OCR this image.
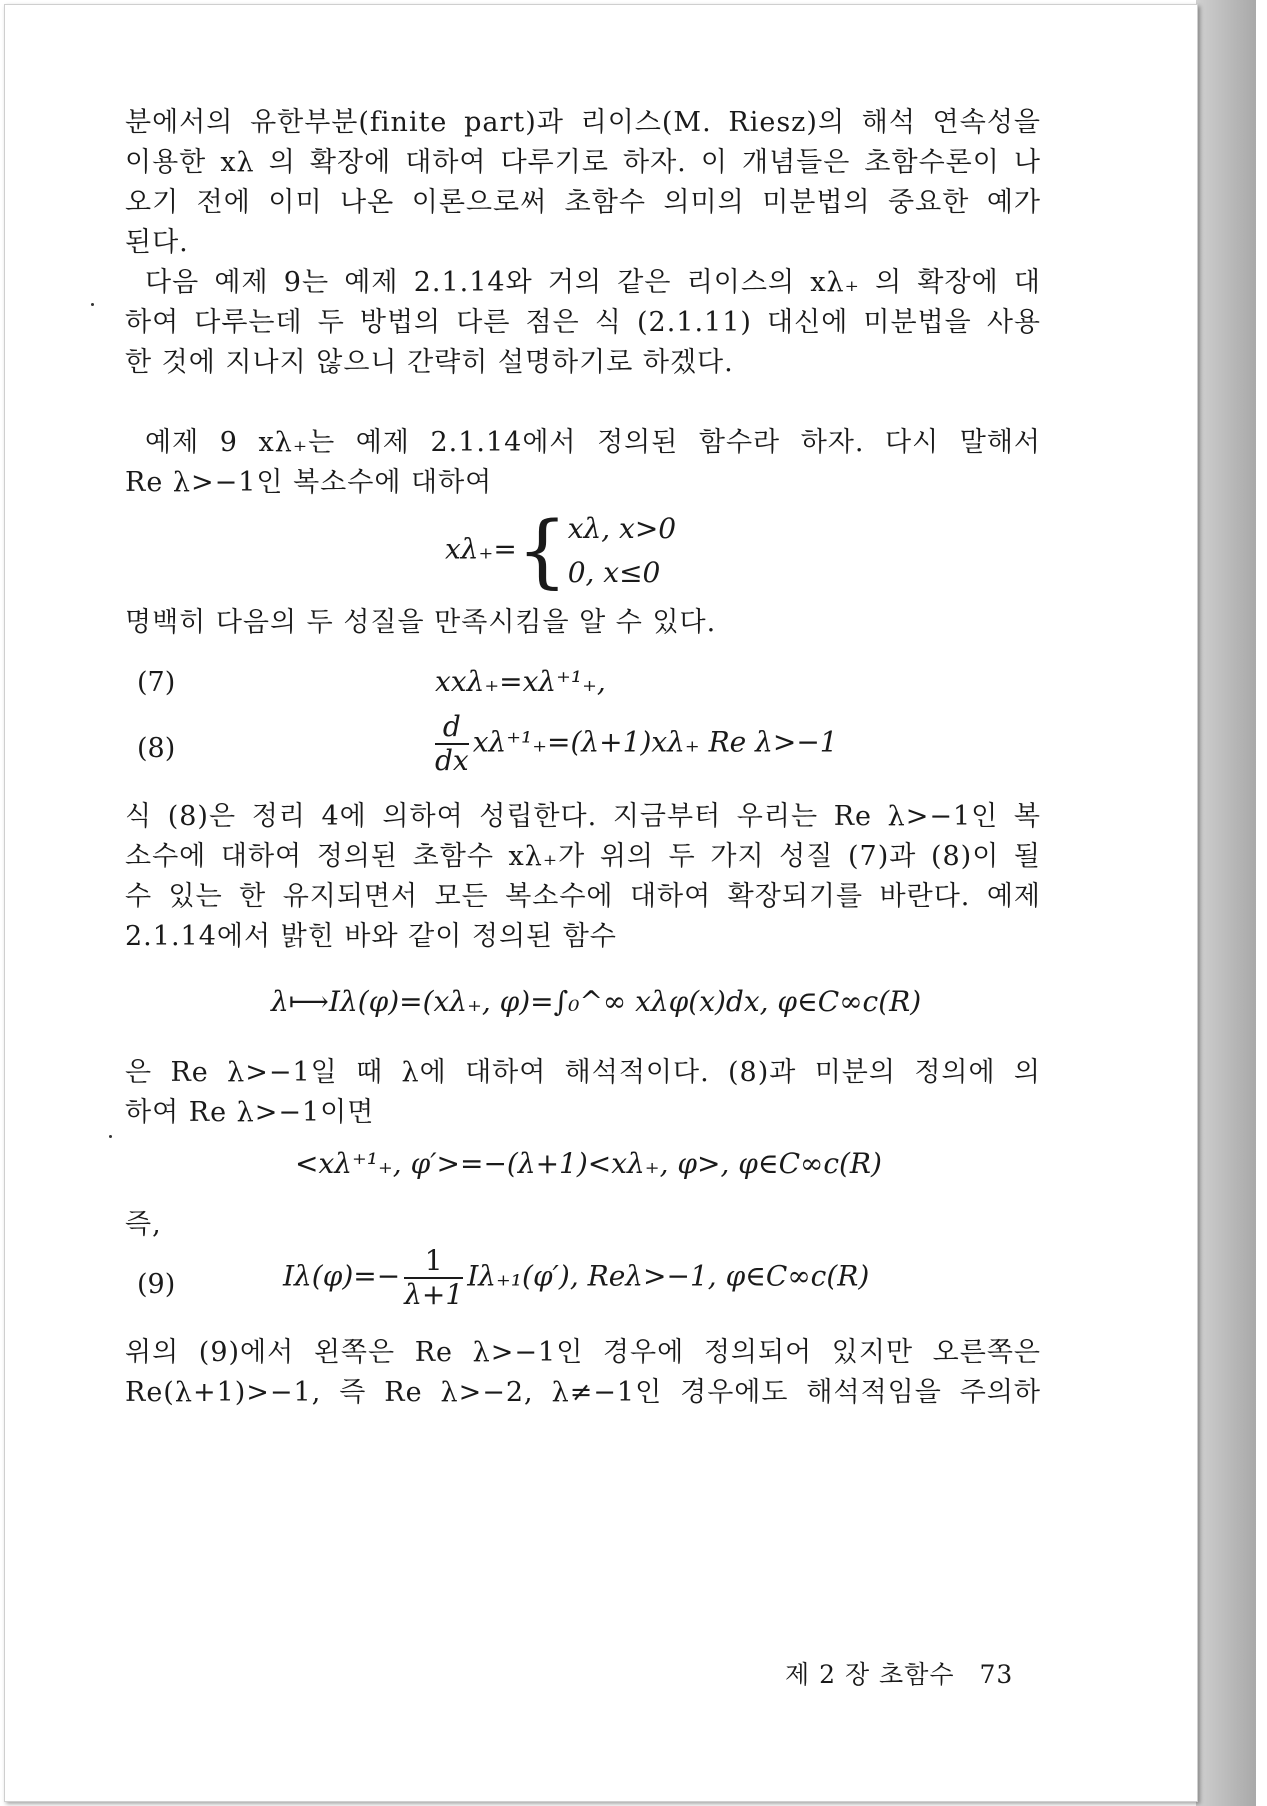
분에서의 유한부분(finite part)과 리이스(M. Riesz)의 해석 연속성을
이용한 xλ 의 확장에 대하여 다루기로 하자. 이 개념들은 초함수론이 나
오기 전에 이미 나온 이론으로써 초함수 의미의 미분법의 중요한 예가
된다.
다음 예제 9는 예제 2.1.14와 거의 같은 리이스의 xλ₊ 의 확장에 대
하여 다루는데 두 방법의 다른 점은 식 (2.1.11) 대신에 미분법을 사용
한 것에 지나지 않으니 간략히 설명하기로 하겠다.
예제 9 xλ₊는 예제 2.1.14에서 정의된 함수라 하자. 다시 말해서
Re λ>−1인 복소수에 대하여
xλ₊={ xλ, x>0
0, x≤0
명백히 다음의 두 성질을 만족시킴을 알 수 있다.
(7)	xxλ₊=xλ⁺¹₊,
(8)	$\frac{d}{dx} x\lambda^{+1}_+=(\lambda+1)x\lambda_+$ Re λ>−1
식 (8)은 정리 4에 의하여 성립한다. 지금부터 우리는 Re λ>−1인 복
소수에 대하여 정의된 초함수 xλ₊가 위의 두 가지 성질 (7)과 (8)이 될
수 있는 한 유지되면서 모든 복소수에 대하여 확장되기를 바란다. 예제
2.1.14에서 밝힌 바와 같이 정의된 함수
λ⟼Iλ(φ)=(xλ₊, φ)=∫₀^∞ xλφ(x)dx, φ∈C∞c(R)
은 Re λ>−1일 때 λ에 대하여 해석적이다. (8)과 미분의 정의에 의
하여 Re λ>−1이면
<xλ⁺¹₊, φ′>=−(λ+1)<xλ₊, φ>, φ∈C∞c(R)
즉,
(9)	$I\lambda(\varphi)=- \frac{1}{\lambda+1} I\lambda_{+1}(\varphi')$, Reλ>−1, φ∈C∞c(R)
위의 (9)에서 왼쪽은 Re λ>−1인 경우에 정의되어 있지만 오른쪽은
Re(λ+1)>−1, 즉 Re λ>−2, λ≠−1인 경우에도 해석적임을 주의하
제 2 장 초함수 73
